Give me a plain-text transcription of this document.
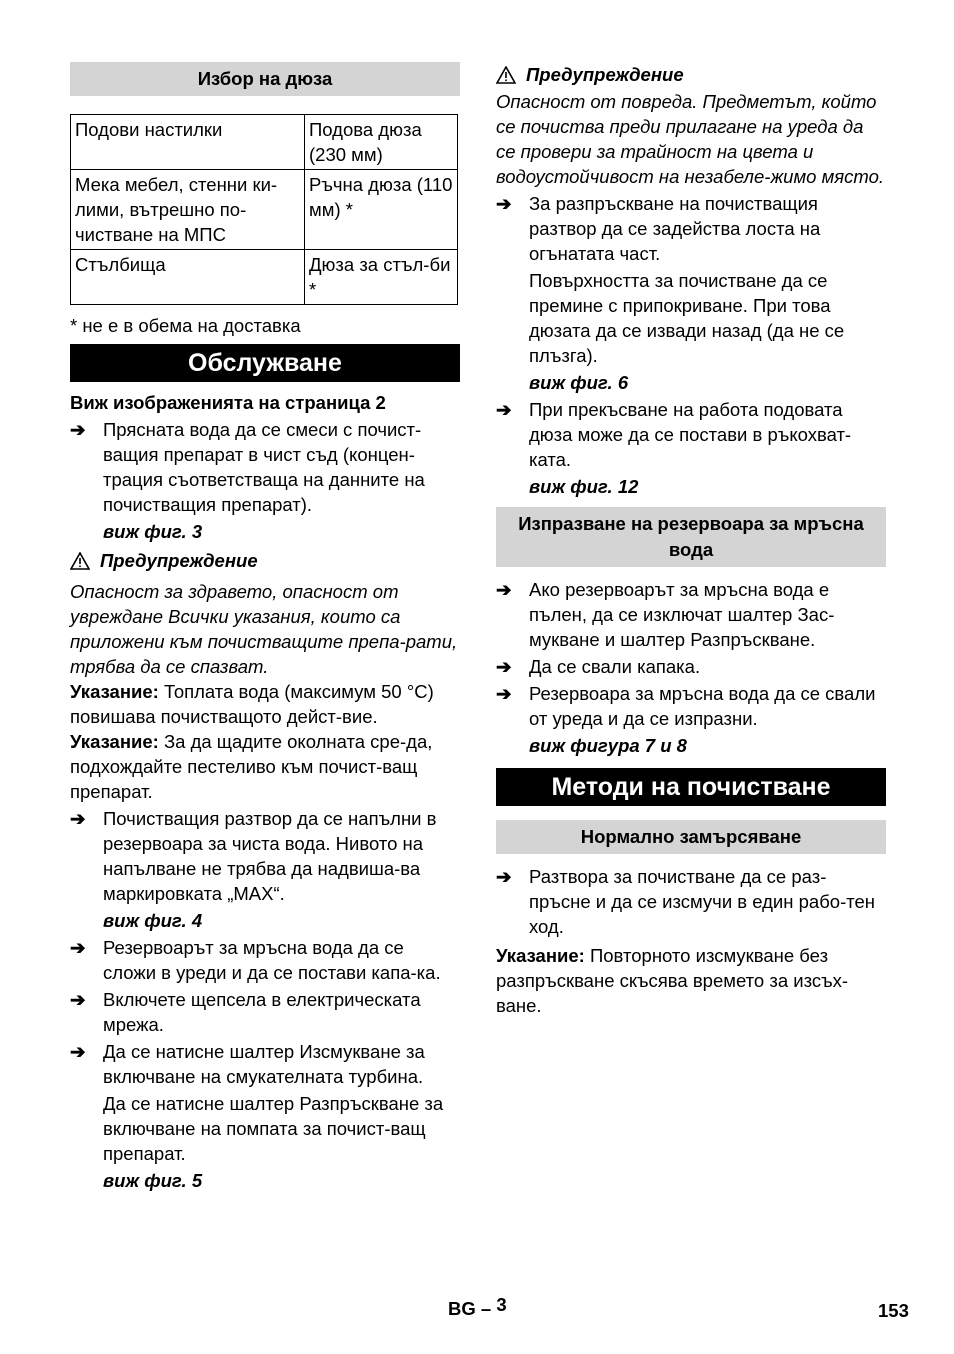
Избор на дюза
Подови настилки	Подова дюза (230 мм)
Мека мебел, стенни ки-лими, вътрешно по-чистване на МПС	Ръчна дюза (110 мм) *
Стълбища	Дюза за стъл-би *

* не е в обема на доставка

Обслужване

Виж изображенията на страница 2

➔ Прясната вода да се смеси с почист-ващия препарат в чист съд (концен-трация съответстваща на данните на почистващия препарат).

виж фиг. 3

Предупреждение

Опасност за здравето, опасност от увреждане Всички указания, които са приложени към почистващите препа-рати, трябва да се спазват.

Указание: Топлата вода (максимум 50 °С) повишава почистващото дейст-вие.

Указание: За да щадите околната сре-да, подхождайте пестеливо към почист-ващ препарат.

➔ Почистващия разтвор да се напълни в резервоара за чиста вода. Нивото на напълване не трябва да надвиша-ва маркировката „MAX“.

виж фиг. 4

➔ Резервоарът за мръсна вода да се сложи в уреди и да се постави капа-ка.
➔ Включете щепсела в електрическата мрежа.
➔ Да се натисне шалтер Изсмукване за включване на смукателната турбина.

Да се натисне шалтер Разпръскване за включване на помпата за почист-ващ препарат.

виж фиг. 5

Предупреждение

Опасност от повреда. Предметът, който се почиства преди прилагане на уреда да се провери за трайност на цвета и водоустойчивост на незабеле-жимо място.

➔ За разпръскване на почистващия разтвор да се задейства лоста на огънатата част.

Повърхността за почистване да се премине с припокриване. При това дюзата да се извади назад (да не се плъзга).

виж фиг. 6

➔ При прекъсване на работа подовата дюза може да се постави в ръкохват-ката.

виж фиг. 12

Изпразване на резервоара за мръсна вода
➔ Ако резервоарът за мръсна вода е пълен, да се изключат шалтер Зас-мукване и шалтер Разпръскване.
➔ Да се свали капака.
➔ Резервоара за мръсна вода да се свали от уреда и да се изпразни.

виж фигура 7 и 8

Методи на почистване
Нормално замърсяване
➔ Разтвора за почистване да се раз-пръсне и да се изсмучи в един рабо-тен ход.

Указание: Повторното изсмукване без разпръскване скъсява времето за изсъх-ване.

BG – 3	153
